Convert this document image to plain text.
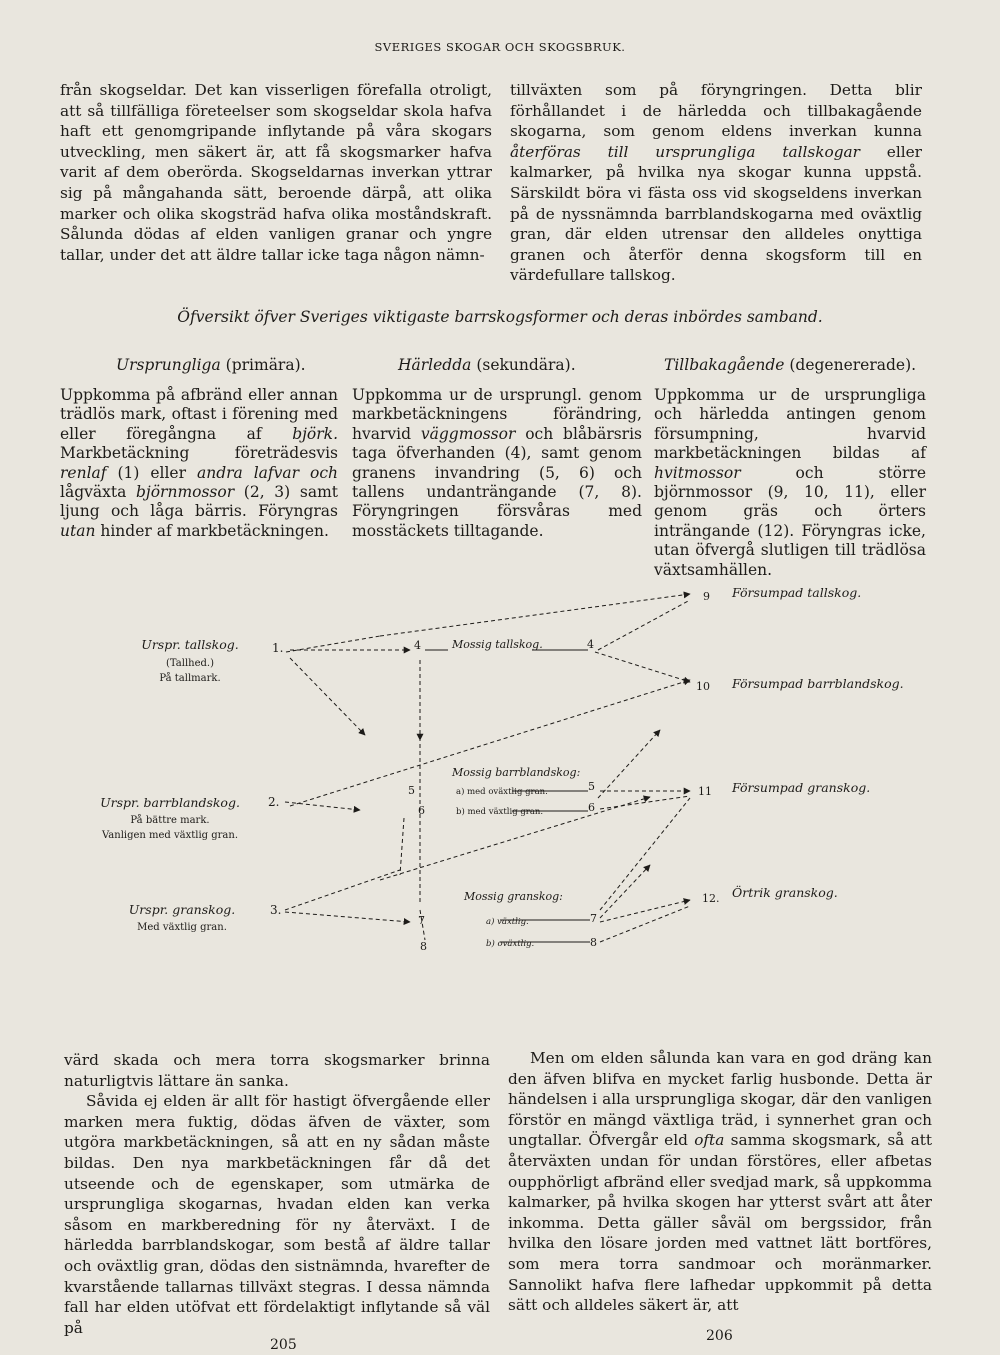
SVERIGES SKOGAR OCH SKOGSBRUK.

från skogseldar. Det kan visserligen förefalla otroligt, att så tillfälliga företeelser som skogseldar skola hafva haft ett genomgripande inflytande på våra skogars utveckling, men säkert är, att få skogsmarker hafva varit af dem oberörda. Skogseldarnas inverkan yttrar sig på mångahanda sätt, beroende därpå, att olika marker och olika skogsträd hafva olika moståndskraft. Sålunda dödas af elden vanligen granar och yngre tallar, under det att äldre tallar icke taga någon nämn-

tillväxten som på föryngringen. Detta blir förhållandet i de härledda och tillbakagående skogarna, som genom eldens inverkan kunna återföras till ursprungliga tallskogar eller kalmarker, på hvilka nya skogar kunna uppstå. Särskildt böra vi fästa oss vid skogseldens inverkan på de nyssnämnda barrblandskogarna med oväxtlig gran, där elden utrensar den alldeles onyttiga granen och återför denna skogsform till en värdefullare tallskog.

Öfversikt öfver Sveriges viktigaste barrskogsformer och deras inbördes samband.
Ursprungliga (primära).	Härledda (sekundära).	Tillbakagående (degenererade).

Uppkomma på afbränd eller annan trädlös mark, oftast i förening med eller föregångna af björk. Markbetäckning företrädesvis renlaf (1) eller andra lafvar och lågväxta björnmossor (2, 3) samt ljung och låga bärris. Föryngras utan hinder af markbetäckningen.

Uppkomma ur de ursprungl. genom markbetäckningens förändring, hvarvid väggmossor och blåbärsris taga öfverhanden (4), samt genom granens invandring (5, 6) och tallens undanträngande (7, 8). Föryngringen försvåras med mosstäckets tilltagande.

Uppkomma ur de ursprungliga och härledda antingen genom försumpning, hvarvid markbetäckningen bildas af hvitmossor och större björnmossor (9, 10, 11), eller genom gräs och örters inträngande (12). Föryngras icke, utan öfvergå slutligen till trädlösa växtsamhällen.

Urspr. tallskog.
(Tallhed.)
På tallmark.
1.
Urspr. barrblandskog.
På bättre mark.
Vanligen med växtlig gran.
2.
Urspr. granskog.
Med växtlig gran.
3.
4	Mossig tallskog.	4
Mossig barrblandskog:
5	a) med oväxtlig gran.	5
6	b) med växtlig gran.	6
Mossig granskog:
7	a) växtlig.	7
8	b) oväxtlig.	8
9 Försumpad tallskog.
10 Försumpad barrblandskog.
11 Försumpad granskog.
12. Örtrik granskog.

värd skada och mera torra skogsmarker brinna naturligtvis lättare än sanka.

Såvida ej elden är allt för hastigt öfvergående eller marken mera fuktig, dödas äfven de växter, som utgöra markbetäckningen, så att en ny sådan måste bildas. Den nya markbetäckningen får då det utseende och de egenskaper, som utmärka de ursprungliga skogarnas, hvadan elden kan verka såsom en markberedning för ny återväxt. I de härledda barrblandskogar, som bestå af äldre tallar och oväxtlig gran, dödas den sistnämnda, hvarefter de kvarstående tallarnas tillväxt stegras. I dessa nämnda fall har elden utöfvat ett fördelaktigt inflytande så väl på

Men om elden sålunda kan vara en god dräng kan den äfven blifva en mycket farlig husbonde. Detta är händelsen i alla ursprungliga skogar, där den vanligen förstör en mängd växtliga träd, i synnerhet gran och ungtallar. Öfvergår eld ofta samma skogsmark, så att återväxten undan för undan förstöres, eller afbetas oupphörligt afbränd eller svedjad mark, så uppkomma kalmarker, på hvilka skogen har ytterst svårt att åter inkomma. Detta gäller såväl om bergssidor, från hvilka den lösare jorden med vattnet lätt bortföres, som mera torra sandmoar och moränmarker. Sannolikt hafva flere lafhedar uppkommit på detta sätt och alldeles säkert är, att

205
206
